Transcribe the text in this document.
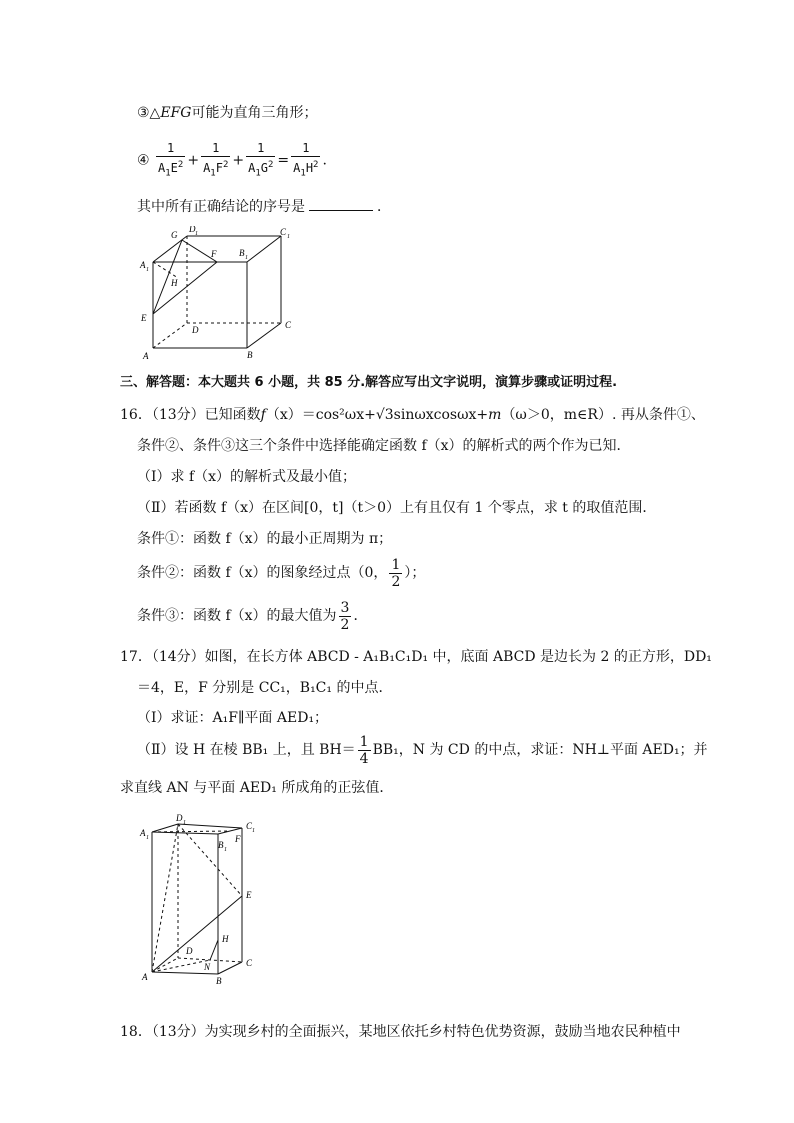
③△EFG可能为直角三角形；
④ $\frac{1}{A_1E^2} + \frac{1}{A_1F^2} + \frac{1}{A_1G^2} = \frac{1}{A_1H^2}$ .
其中所有正确结论的序号是	．
G
D 1	C 1
B 1
A 1
F
H
E
D	C
A	B
三、解答题：本大题共 6 小题，共 85 分.解答应写出文字说明，演算步骤或证明过程.
16．（13分）已知函数f（x）＝cos²ωx+√3sinωxcosωx+m（ω＞0，m∈R）. 再从条件①、
条件②、条件③这三个条件中选择能确定函数 f（x）的解析式的两个作为已知．
（Ⅰ）求 f（x）的解析式及最小值；
（Ⅱ）若函数 f（x）在区间[0，t]（t＞0）上有且仅有 1 个零点，求 t 的取值范围．
条件①：函数 f（x）的最小正周期为 π；
条件②：函数 f（x）的图象经过点（0， $\frac{1}{2}$ ）；
条件③：函数 f（x）的最大值为 $\frac{3}{2}$ ．
17．（14分）如图，在长方体 ABCD - A₁B₁C₁D₁ 中，底面 ABCD 是边长为 2 的正方形，DD₁
＝4，E，F 分别是 CC₁，B₁C₁ 的中点．
（Ⅰ）求证：A₁F∥平面 AED₁；
（Ⅱ）设 H 在棱 BB₁ 上，且 $BH= \frac{1}{4} BB_1$，N 为 CD 的中点，求证：NH⊥平面 AED₁；并
求直线 AN 与平面 AED₁ 所成角的正弦值．
D 1
A 1
C 1
B 1
F
E
H
D
N
A	B
C
18．（13分）为实现乡村的全面振兴，某地区依托乡村特色优势资源，鼓励当地农民种植中
